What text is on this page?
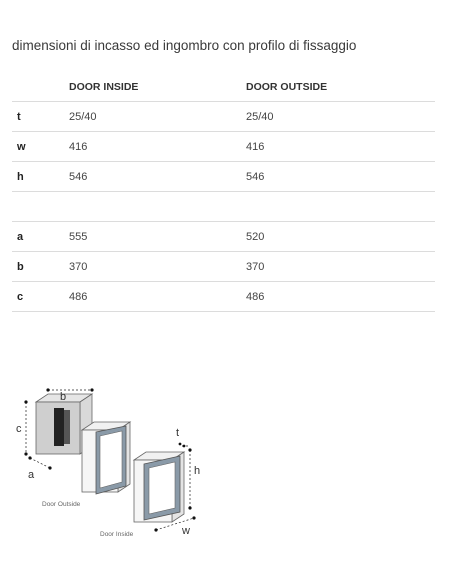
dimensioni di incasso ed ingombro con profilo di fissaggio
	DOOR INSIDE	DOOR OUTSIDE
t	25/40	25/40
w	416	416
h	546	546

a	555	520
b	370	370
c	486	486
b
c
a
t
h
w
Door Outside
Door Inside
